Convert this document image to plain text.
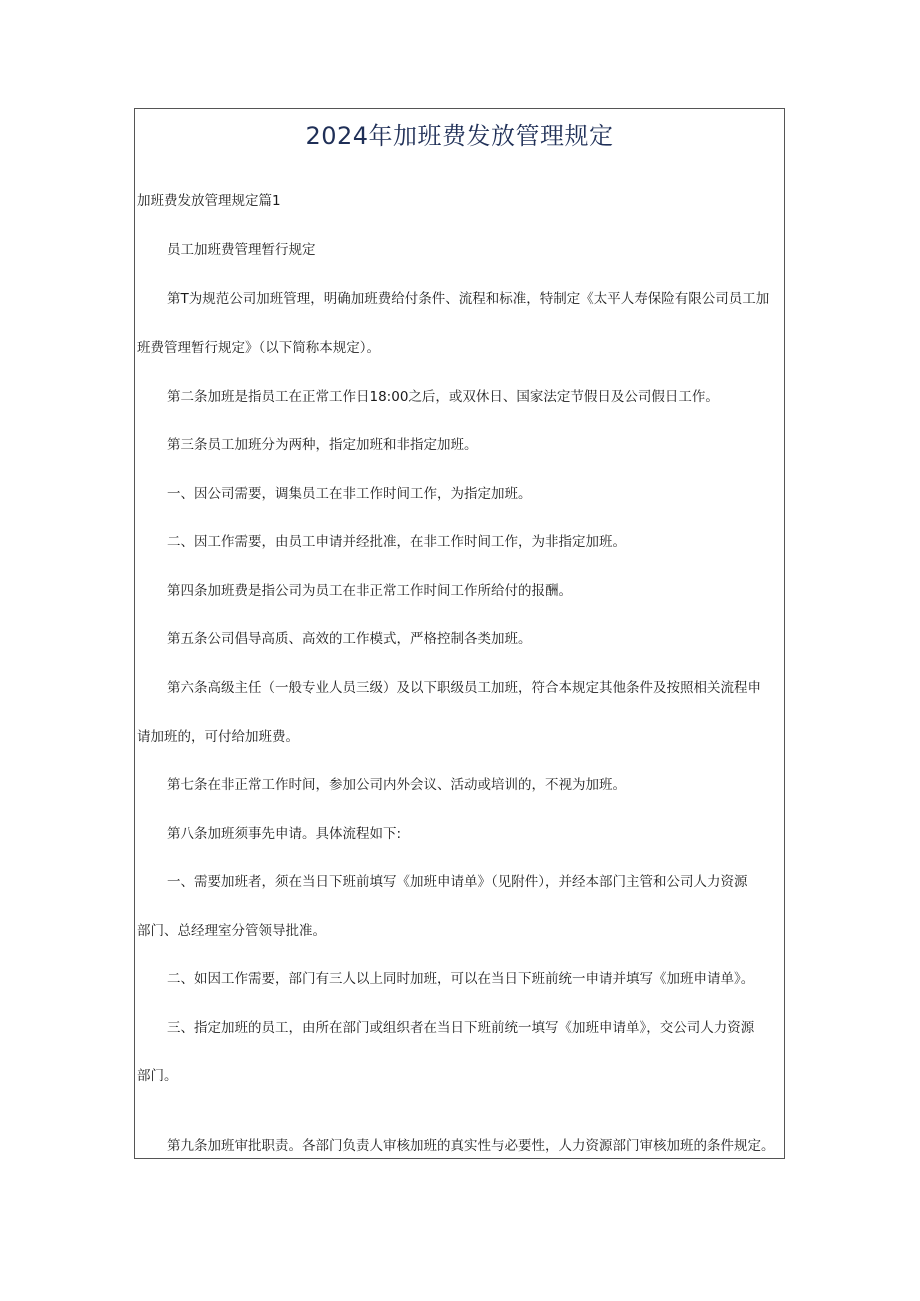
2024年加班费发放管理规定
加班费发放管理规定篇1
员工加班费管理暂行规定
第T为规范公司加班管理，明确加班费给付条件、流程和标准，特制定《太平人寿保险有限公司员工加
班费管理暂行规定》（以下简称本规定）。
第二条加班是指员工在正常工作日18:00之后，或双休日、国家法定节假日及公司假日工作。
第三条员工加班分为两种，指定加班和非指定加班。
一、因公司需要，调集员工在非工作时间工作，为指定加班。
二、因工作需要，由员工申请并经批准，在非工作时间工作，为非指定加班。
第四条加班费是指公司为员工在非正常工作时间工作所给付的报酬。
第五条公司倡导高质、高效的工作模式，严格控制各类加班。
第六条高级主任（一般专业人员三级）及以下职级员工加班，符合本规定其他条件及按照相关流程申
请加班的，可付给加班费。
第七条在非正常工作时间，参加公司内外会议、活动或培训的，不视为加班。
第八条加班须事先申请。具体流程如下:
一、需要加班者，须在当日下班前填写《加班申请单》（见附件），并经本部门主管和公司人力资源
部门、总经理室分管领导批准。
二、如因工作需要，部门有三人以上同时加班，可以在当日下班前统一申请并填写《加班申请单》。
三、指定加班的员工，由所在部门或组织者在当日下班前统一填写《加班申请单》，交公司人力资源
部门。
第九条加班审批职责。各部门负责人审核加班的真实性与必要性，人力资源部门审核加班的条件规定。
